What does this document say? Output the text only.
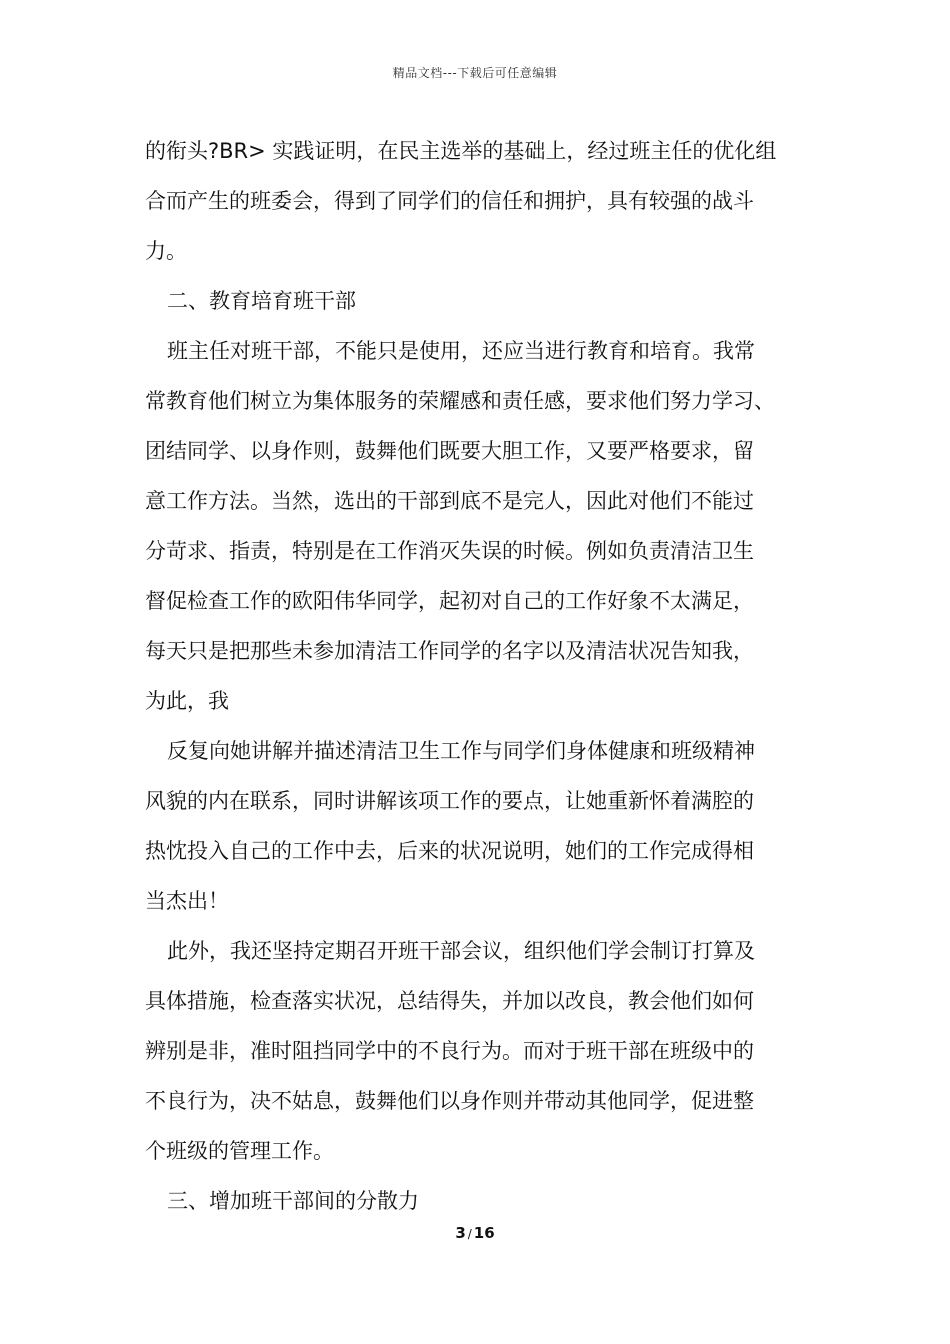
精品文档---下载后可任意编辑

的衔头?BR> 实践证明，在民主选举的基础上，经过班主任的优化组

合而产生的班委会，得到了同学们的信任和拥护，具有较强的战斗

力。

二、教育培育班干部

班主任对班干部，不能只是使用，还应当进行教育和培育。我常

常教育他们树立为集体服务的荣耀感和责任感，要求他们努力学习、

团结同学、以身作则，鼓舞他们既要大胆工作，又要严格要求，留

意工作方法。当然，选出的干部到底不是完人，因此对他们不能过

分苛求、指责，特别是在工作消灭失误的时候。例如负责清洁卫生

督促检查工作的欧阳伟华同学，起初对自己的工作好象不太满足，

每天只是把那些未参加清洁工作同学的名字以及清洁状况告知我，

为此，我

反复向她讲解并描述清洁卫生工作与同学们身体健康和班级精神

风貌的内在联系，同时讲解该项工作的要点，让她重新怀着满腔的

热忱投入自己的工作中去，后来的状况说明，她们的工作完成得相

当杰出！

此外，我还坚持定期召开班干部会议，组织他们学会制订打算及

具体措施，检查落实状况，总结得失，并加以改良，教会他们如何

辨别是非，准时阻挡同学中的不良行为。而对于班干部在班级中的

不良行为，决不姑息，鼓舞他们以身作则并带动其他同学，促进整

个班级的管理工作。

三、增加班干部间的分散力

3 / 16
